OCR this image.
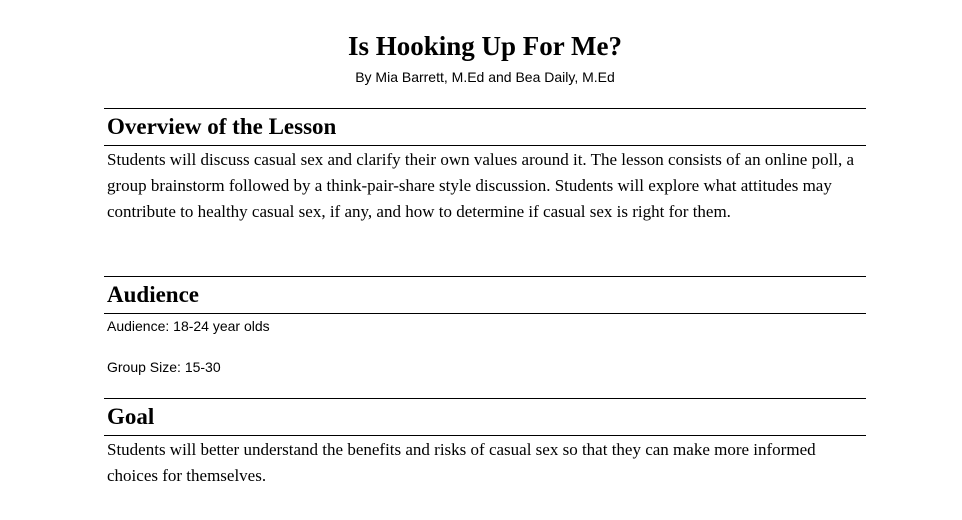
Is Hooking Up For Me?
By Mia Barrett, M.Ed and Bea Daily, M.Ed
Overview of the Lesson
Students will discuss casual sex and clarify their own values around it. The lesson consists of an online poll, a group brainstorm followed by a think-pair-share style discussion. Students will explore what attitudes may contribute to healthy casual sex, if any, and how to determine if casual sex is right for them.
Audience
Audience: 18-24 year olds
Group Size: 15-30
Goal
Students will better understand the benefits and risks of casual sex so that they can make more informed choices for themselves.
